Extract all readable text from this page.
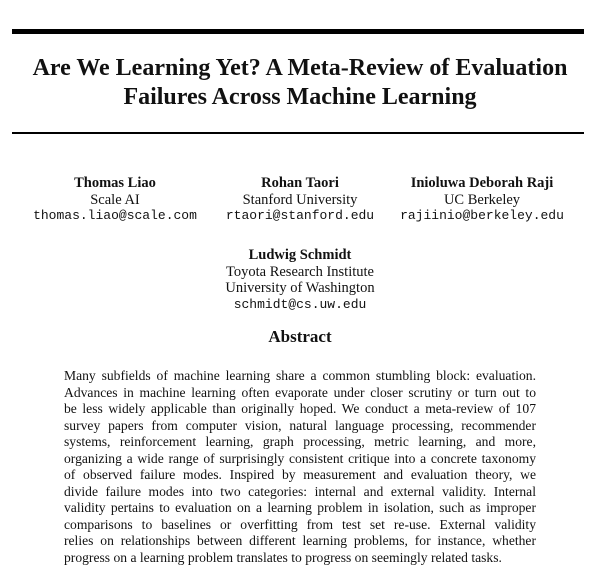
Are We Learning Yet? A Meta-Review of Evaluation
Failures Across Machine Learning
Thomas Liao
Scale AI
thomas.liao@scale.com
Rohan Taori
Stanford University
rtaori@stanford.edu
Inioluwa Deborah Raji
UC Berkeley
rajiinio@berkeley.edu
Ludwig Schmidt
Toyota Research Institute
University of Washington
schmidt@cs.uw.edu
Abstract
Many subfields of machine learning share a common stumbling block: evaluation.
Advances in machine learning often evaporate under closer scrutiny or turn out to
be less widely applicable than originally hoped. We conduct a meta-review of 107
survey papers from computer vision, natural language processing, recommender
systems, reinforcement learning, graph processing, metric learning, and more,
organizing a wide range of surprisingly consistent critique into a concrete taxonomy
of observed failure modes. Inspired by measurement and evaluation theory, we
divide failure modes into two categories: internal and external validity. Internal
validity pertains to evaluation on a learning problem in isolation, such as improper
comparisons to baselines or overfitting from test set re-use. External validity
relies on relationships between different learning problems, for instance, whether
progress on a learning problem translates to progress on seemingly related tasks.
